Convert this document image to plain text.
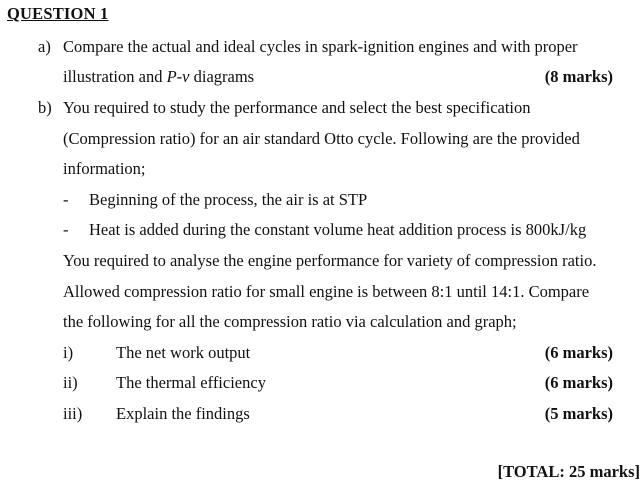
QUESTION 1
a) Compare the actual and ideal cycles in spark-ignition engines and with proper
illustration and P-v diagrams	(8 marks)
b) You required to study the performance and select the best specification
(Compression ratio) for an air standard Otto cycle. Following are the provided
information;
- Beginning of the process, the air is at STP
- Heat is added during the constant volume heat addition process is 800kJ/kg
You required to analyse the engine performance for variety of compression ratio.
Allowed compression ratio for small engine is between 8:1 until 14:1. Compare
the following for all the compression ratio via calculation and graph;
i)	The net work output	(6 marks)
ii) The thermal efficiency	(6 marks)
iii) Explain the findings	(5 marks)
[TOTAL: 25 marks]
